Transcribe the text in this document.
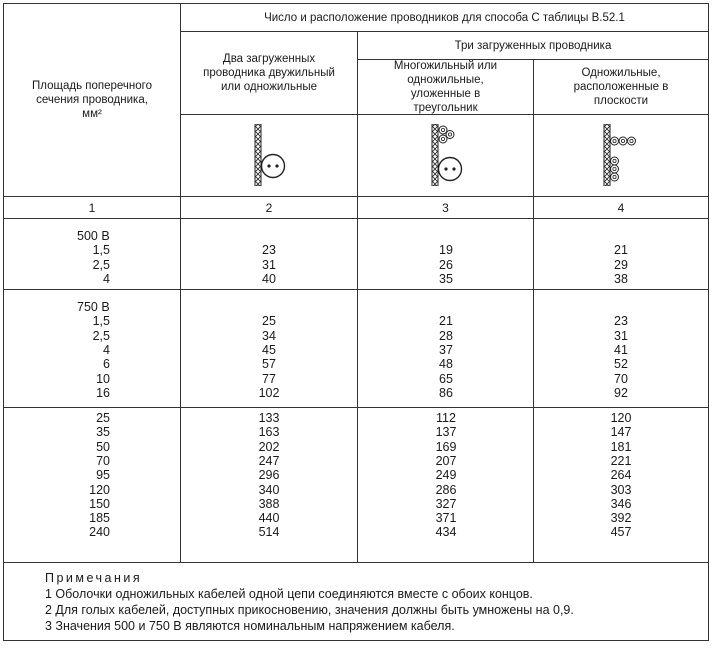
Площадь поперечного сечения проводника, мм²
Число и расположение проводников для способа С таблицы В.52.1
Два загруженных проводника двужильный или одножильные
Три загруженных проводника
Многожильный или одножильные, уложенные в треугольник
Одножильные, расположенные в плоскости
1	2	3	4
500 В
1,5	23	19	21
2,5	31	26	29
4	40	35	38
750 В
1,5	25	21	23
2,5	34	28	31
4	45	37	41
6	57	48	52
10	77	65	70
16	102	86	92
25	133	112	120
35	163	137	147
50	202	169	181
70	247	207	221
95	296	249	264
120	340	286	303
150	388	327	346
185	440	371	392
240	514	434	457
Примечания
1 Оболочки одножильных кабелей одной цепи соединяются вместе с обоих концов.
2 Для голых кабелей, доступных прикосновению, значения должны быть умножены на 0,9.
3 Значения 500 и 750 В являются номинальным напряжением кабеля.
